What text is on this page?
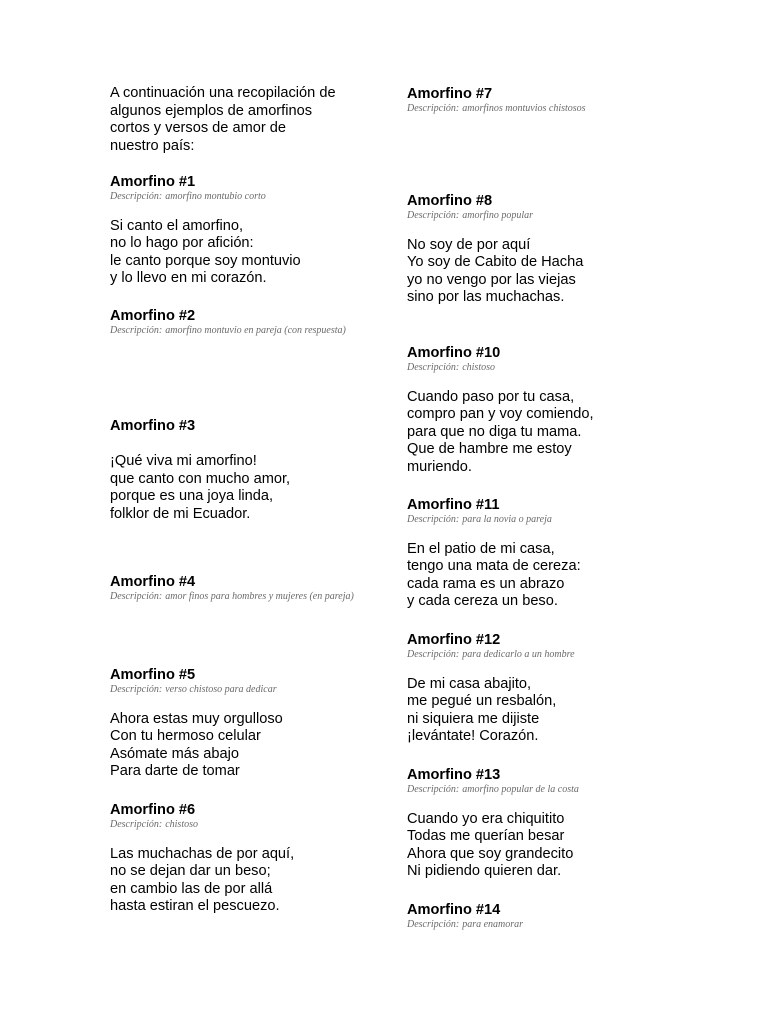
A continuación una recopilación de
algunos ejemplos de amorfinos
cortos y versos de amor de
nuestro país:

Amorfino #1

Descripción: amorfino montubio corto

Si canto el amorfino,
no lo hago por afición:
le canto porque soy montuvio
y lo llevo en mi corazón.

Amorfino #2

Descripción: amorfino montuvio en pareja (con respuesta)

Amorfino #3

¡Qué viva mi amorfino!
que canto con mucho amor,
porque es una joya linda,
folklor de mi Ecuador.

Amorfino #4

Descripción: amor finos para hombres y mujeres (en pareja)

Amorfino #5

Descripción: verso chistoso para dedicar

Ahora estas muy orgulloso
Con tu hermoso celular
Asómate más abajo
Para darte de tomar

Amorfino #6

Descripción: chistoso

Las muchachas de por aquí,
no se dejan dar un beso;
en cambio las de por allá
hasta estiran el pescuezo.

Amorfino #7

Descripción: amorfinos montuvios chistosos

Amorfino #8

Descripción: amorfino popular

No soy de por aquí
Yo soy de Cabito de Hacha
yo no vengo por las viejas
sino por las muchachas.

Amorfino #10

Descripción: chistoso

Cuando paso por tu casa,
compro pan y voy comiendo,
para que no diga tu mama.
Que de hambre me estoy
muriendo.

Amorfino #11

Descripción: para la novia o pareja

En el patio de mi casa,
tengo una mata de cereza:
cada rama es un abrazo
y cada cereza un beso.

Amorfino #12

Descripción: para dedicarlo a un hombre

De mi casa abajito,
me pegué un resbalón,
ni siquiera me dijiste
¡levántate! Corazón.

Amorfino #13

Descripción: amorfino popular de la costa

Cuando yo era chiquitito
Todas me querían besar
Ahora que soy grandecito
Ni pidiendo quieren dar.

Amorfino #14

Descripción: para enamorar
